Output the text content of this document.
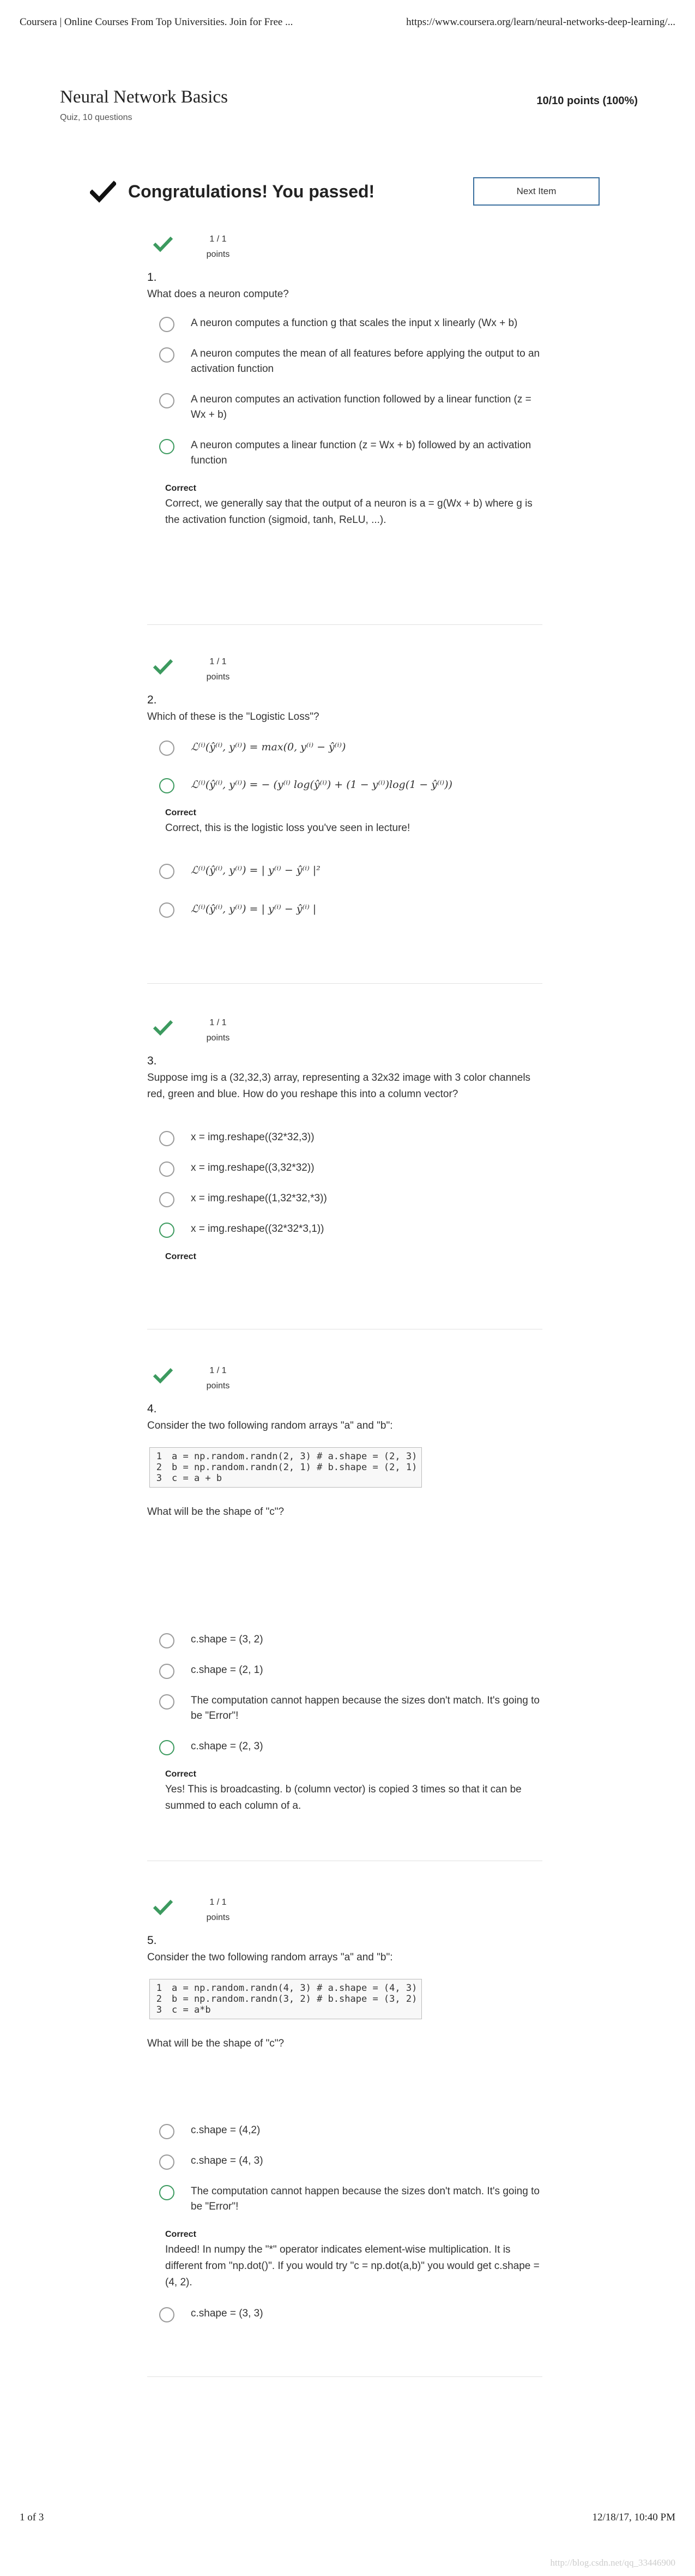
Coursera | Online Courses From Top Universities. Join for Free ...	https://www.coursera.org/learn/neural-networks-deep-learning/...
Neural Network Basics
Quiz, 10 questions
10/10 points (100%)
Congratulations! You passed!	Next Item
1 / 1
points
1.
What does a neuron compute?
A neuron computes a function g that scales the input x linearly (Wx + b)
A neuron computes the mean of all features before applying the output to an activation function
A neuron computes an activation function followed by a linear function (z = Wx + b)
A neuron computes a linear function (z = Wx + b) followed by an activation function
Correct
Correct, we generally say that the output of a neuron is a = g(Wx + b) where g is the activation function (sigmoid, tanh, ReLU, ...).
1 / 1
points
2.
Which of these is the "Logistic Loss"?
ℒ⁽ⁱ⁾(ŷ⁽ⁱ⁾, y⁽ⁱ⁾) = max(0, y⁽ⁱ⁾ − ŷ⁽ⁱ⁾)
ℒ⁽ⁱ⁾(ŷ⁽ⁱ⁾, y⁽ⁱ⁾) = − (y⁽ⁱ⁾ log(ŷ⁽ⁱ⁾) + (1 − y⁽ⁱ⁾)log(1 − ŷ⁽ⁱ⁾))
Correct
Correct, this is the logistic loss you've seen in lecture!
ℒ⁽ⁱ⁾(ŷ⁽ⁱ⁾, y⁽ⁱ⁾) = | y⁽ⁱ⁾ − ŷ⁽ⁱ⁾ |²
ℒ⁽ⁱ⁾(ŷ⁽ⁱ⁾, y⁽ⁱ⁾) = | y⁽ⁱ⁾ − ŷ⁽ⁱ⁾ |
1 / 1
points
3.
Suppose img is a (32,32,3) array, representing a 32x32 image with 3 color channels red, green and blue. How do you reshape this into a column vector?
x = img.reshape((32*32,3))
x = img.reshape((3,32*32))
x = img.reshape((1,32*32,*3))
x = img.reshape((32*32*3,1))
Correct
1 / 1
points
4.
Consider the two following random arrays "a" and "b":
1	a = np.random.randn(2, 3) # a.shape = (2, 3)
2	b = np.random.randn(2, 1) # b.shape = (2, 1)
3	c = a + b
What will be the shape of "c"?
c.shape = (3, 2)
c.shape = (2, 1)
The computation cannot happen because the sizes don't match. It's going to be "Error"!
c.shape = (2, 3)
Correct
Yes! This is broadcasting. b (column vector) is copied 3 times so that it can be summed to each column of a.
1 / 1
points
5.
Consider the two following random arrays "a" and "b":
1	a = np.random.randn(4, 3) # a.shape = (4, 3)
2	b = np.random.randn(3, 2) # b.shape = (3, 2)
3	c = a*b
What will be the shape of "c"?
c.shape = (4,2)
c.shape = (4, 3)
The computation cannot happen because the sizes don't match. It's going to be "Error"!
Correct
Indeed! In numpy the "*" operator indicates element-wise multiplication. It is different from "np.dot()". If you would try "c = np.dot(a,b)" you would get c.shape = (4, 2).
c.shape = (3, 3)
1 of 3	12/18/17, 10:40 PM
http://blog.csdn.net/qq_33446900
